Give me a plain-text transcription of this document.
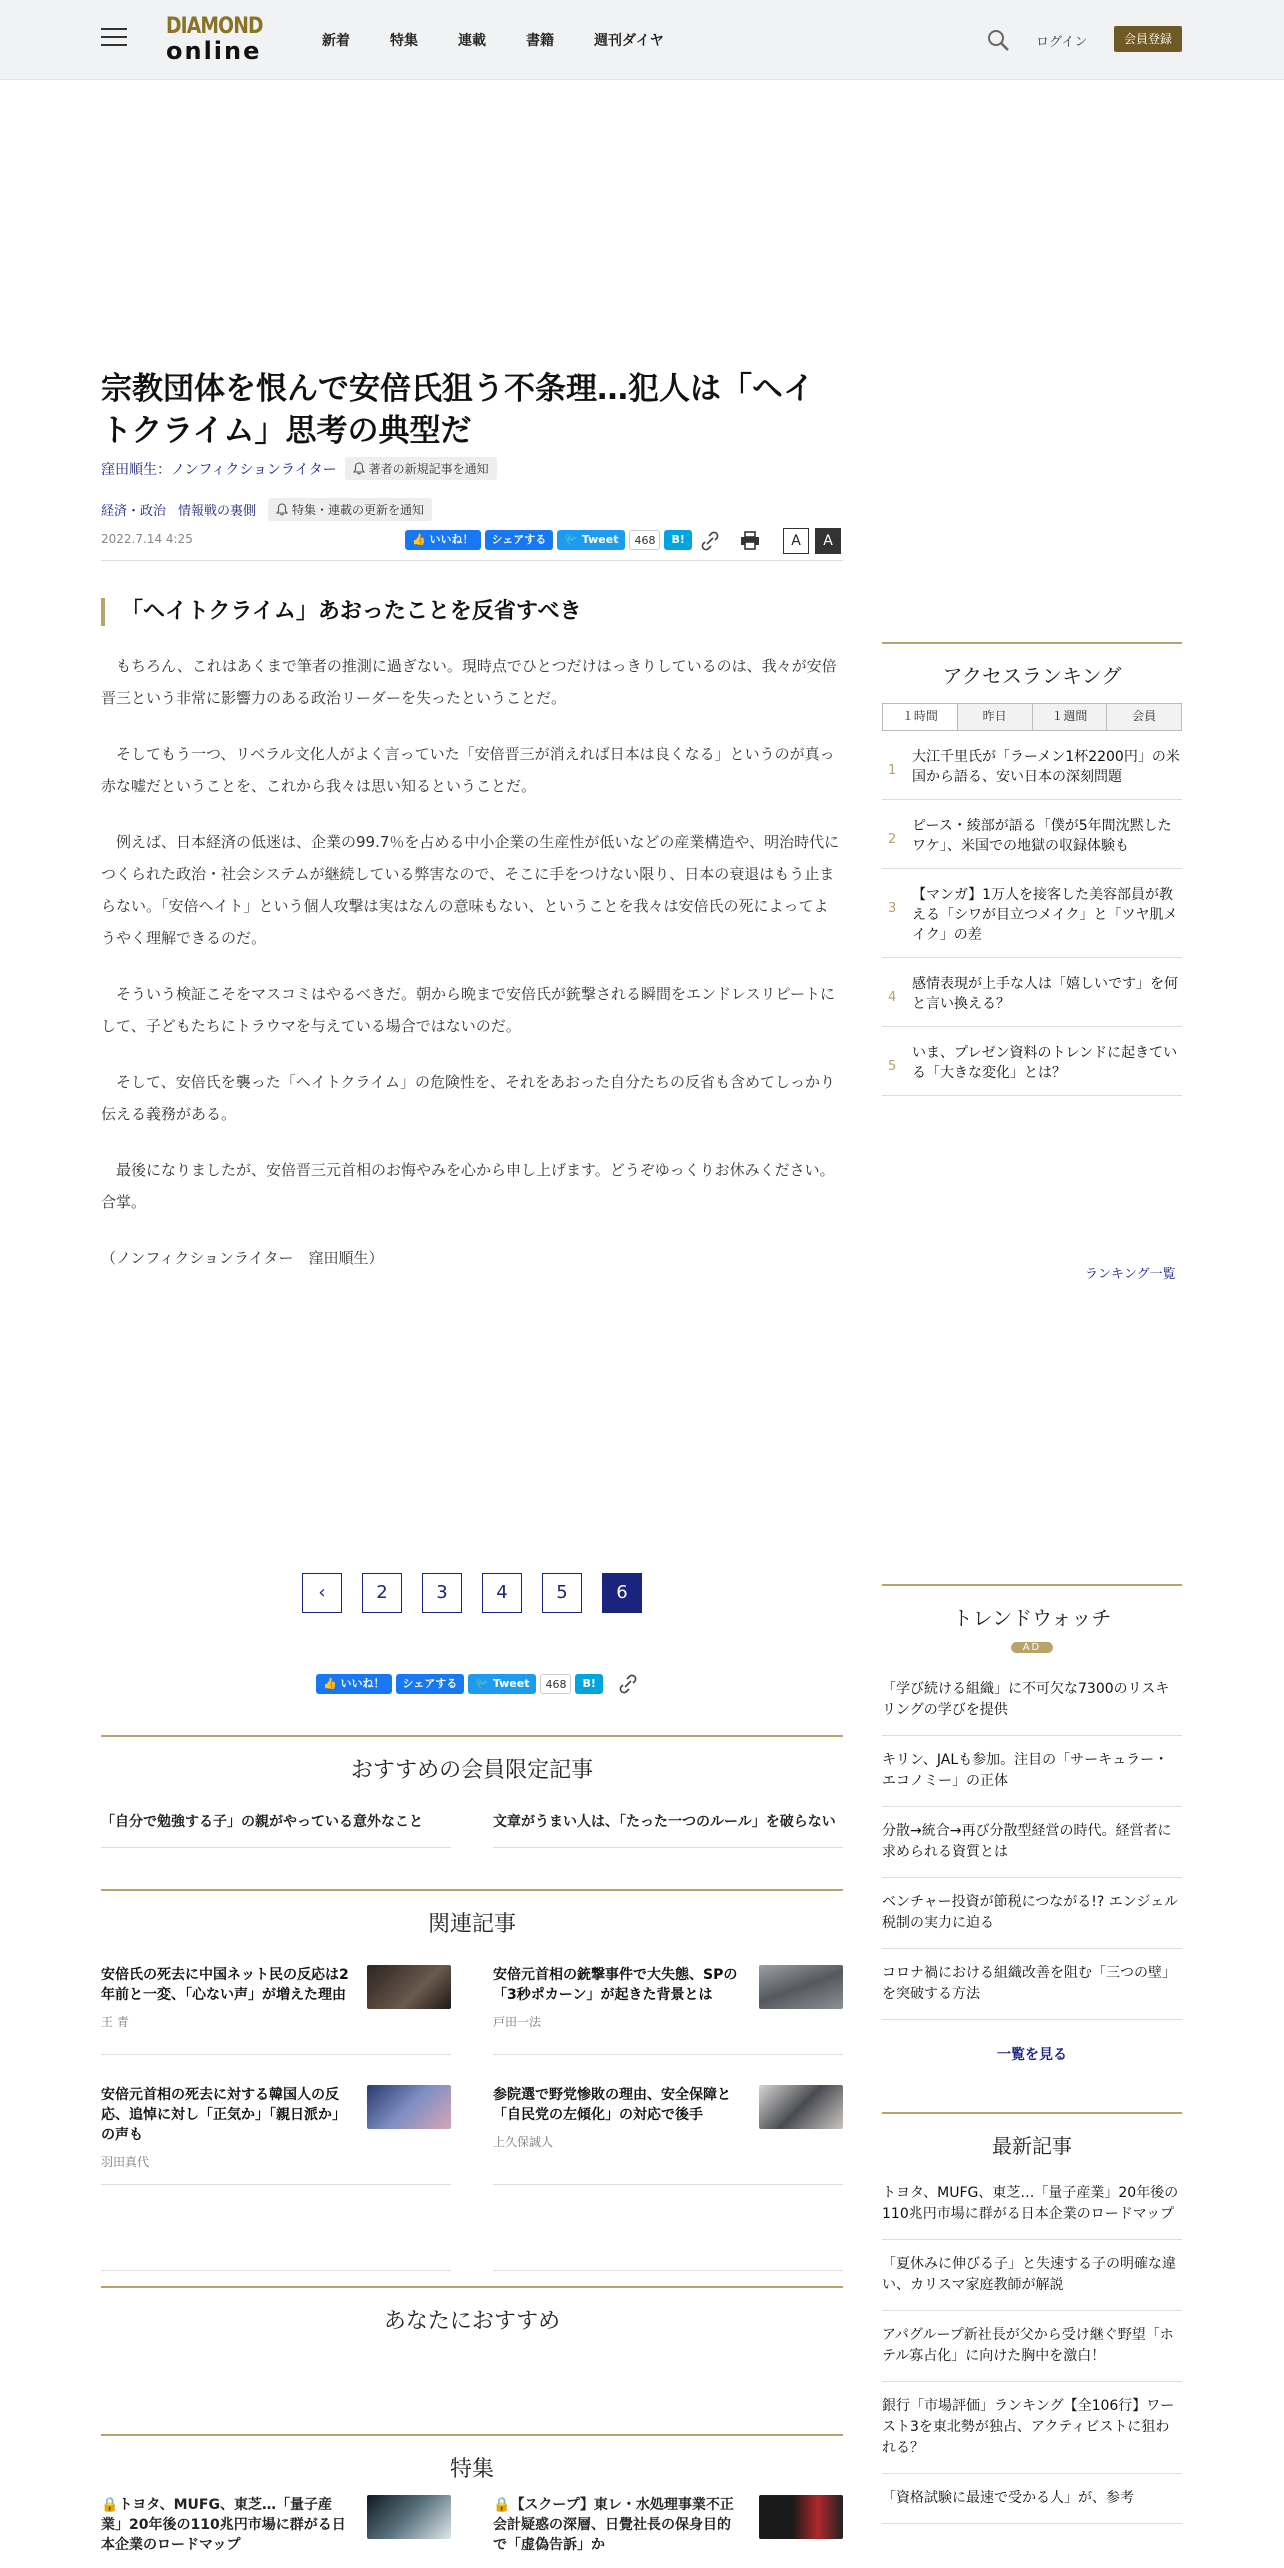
DIAMOND
online	新着	特集	連載	書籍	週刊ダイヤ	ログイン	会員登録
宗教団体を恨んで安倍氏狙う不条理…犯人は「ヘイトクライム」思考の典型だ
窪田順生：ノンフィクションライター	著者の新規記事を通知
経済・政治 情報戦の裏側	特集・連載の更新を通知
2022.7.14 4:25	👍 いいね！	シェアする	🐦 Tweet	468	B!	A	A
「ヘイトクライム」あおったことを反省すべき

もちろん、これはあくまで筆者の推測に過ぎない。現時点でひとつだけはっきりしているのは、我々が安倍晋三という非常に影響力のある政治リーダーを失ったということだ。

そしてもう一つ、リベラル文化人がよく言っていた「安倍晋三が消えれば日本は良くなる」というのが真っ赤な嘘だということを、これから我々は思い知るということだ。

例えば、日本経済の低迷は、企業の99.7％を占める中小企業の生産性が低いなどの産業構造や、明治時代につくられた政治・社会システムが継続している弊害なので、そこに手をつけない限り、日本の衰退はもう止まらない。「安倍ヘイト」という個人攻撃は実はなんの意味もない、ということを我々は安倍氏の死によってようやく理解できるのだ。

そういう検証こそをマスコミはやるべきだ。朝から晩まで安倍氏が銃撃される瞬間をエンドレスリピートにして、子どもたちにトラウマを与えている場合ではないのだ。

そして、安倍氏を襲った「ヘイトクライム」の危険性を、それをあおった自分たちの反省も含めてしっかり伝える義務がある。

最後になりましたが、安倍晋三元首相のお悔やみを心から申し上げます。どうぞゆっくりお休みください。合掌。

（ノンフィクションライター　窪田順生）

‹	2	3	4	5	6
👍 いいね！	シェアする	🐦 Tweet	468	B!
おすすめの会員限定記事
「自分で勉強する子」の親がやっている意外なこと	文章がうまい人は、「たった一つのルール」を破らない
関連記事
安倍氏の死去に中国ネット民の反応は2年前と一変、「心ない声」が増えた理由
王 青
安倍元首相の銃撃事件で大失態、SPの「3秒ポカーン」が起きた背景とは
戸田一法
安倍元首相の死去に対する韓国人の反応、追悼に対し「正気か」「親日派か」の声も
羽田真代
参院選で野党惨敗の理由、安全保障と「自民党の左傾化」の対応で後手
上久保誠人
あなたにおすすめ
特集
🔒トヨタ、MUFG、東芝…「量子産業」20年後の110兆円市場に群がる日本企業のロードマップ
🔒【スクープ】東レ・水処理事業不正会計疑惑の深層、日覺社長の保身目的で「虚偽告訴」か
アクセスランキング
１時間	昨日	１週間	会員
1
大江千里氏が「ラーメン1杯2200円」の米国から語る、安い日本の深刻問題
2
ピース・綾部が語る「僕が5年間沈黙したワケ」、米国での地獄の収録体験も
3
【マンガ】1万人を接客した美容部員が教える「シワが目立つメイク」と「ツヤ肌メイク」の差
4
感情表現が上手な人は「嬉しいです」を何と言い換える？
5
いま、プレゼン資料のトレンドに起きている「大きな変化」とは？
ランキング一覧
トレンドウォッチ
AD
「学び続ける組織」に不可欠な7300のリスキリングの学びを提供
キリン、JALも参加。注目の「サーキュラー・エコノミー」の正体
分散→統合→再び分散型経営の時代。経営者に求められる資質とは
ベンチャー投資が節税につながる!? エンジェル税制の実力に迫る
コロナ禍における組織改善を阻む「三つの壁」を突破する方法
一覧を見る
最新記事
トヨタ、MUFG、東芝…「量子産業」20年後の110兆円市場に群がる日本企業のロードマップ
「夏休みに伸びる子」と失速する子の明確な違い、カリスマ家庭教師が解説
アパグループ新社長が父から受け継ぐ野望「ホテル寡占化」に向けた胸中を激白！
銀行「市場評価」ランキング【全106行】ワースト3を東北勢が独占、アクティビストに狙われる？
「資格試験に最速で受かる人」が、参考
